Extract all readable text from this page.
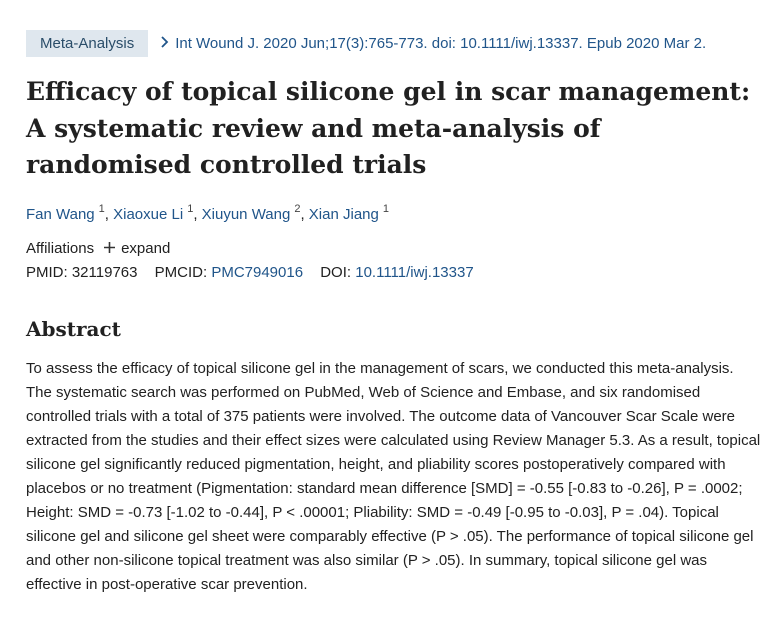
Meta-Analysis	Int Wound J. 2020 Jun;17(3):765-773. doi: 10.1111/iwj.13337. Epub 2020 Mar 2.
Efficacy of topical silicone gel in scar management: A systematic review and meta-analysis of randomised controlled trials
Fan Wang $^1$, Xiaoxue Li $^1$, Xiuyun Wang $^2$, Xian Jiang $^1$
Affiliations expand
PMID: 32119763 PMCID: PMC7949016 DOI: 10.1111/iwj.13337
Abstract
To assess the efficacy of topical silicone gel in the management of scars, we conducted this meta-analysis. The systematic search was performed on PubMed, Web of Science and Embase, and six randomised controlled trials with a total of 375 patients were involved. The outcome data of Vancouver Scar Scale were extracted from the studies and their effect sizes were calculated using Review Manager 5.3. As a result, topical silicone gel significantly reduced pigmentation, height, and pliability scores postoperatively compared with placebos or no treatment (Pigmentation: standard mean difference [SMD] = -0.55 [-0.83 to -0.26], P = .0002; Height: SMD = -0.73 [-1.02 to -0.44], P < .00001; Pliability: SMD = -0.49 [-0.95 to -0.03], P = .04). Topical silicone gel and silicone gel sheet were comparably effective (P > .05). The performance of topical silicone gel and other non-silicone topical treatment was also similar (P > .05). In summary, topical silicone gel was effective in post-operative scar prevention.
